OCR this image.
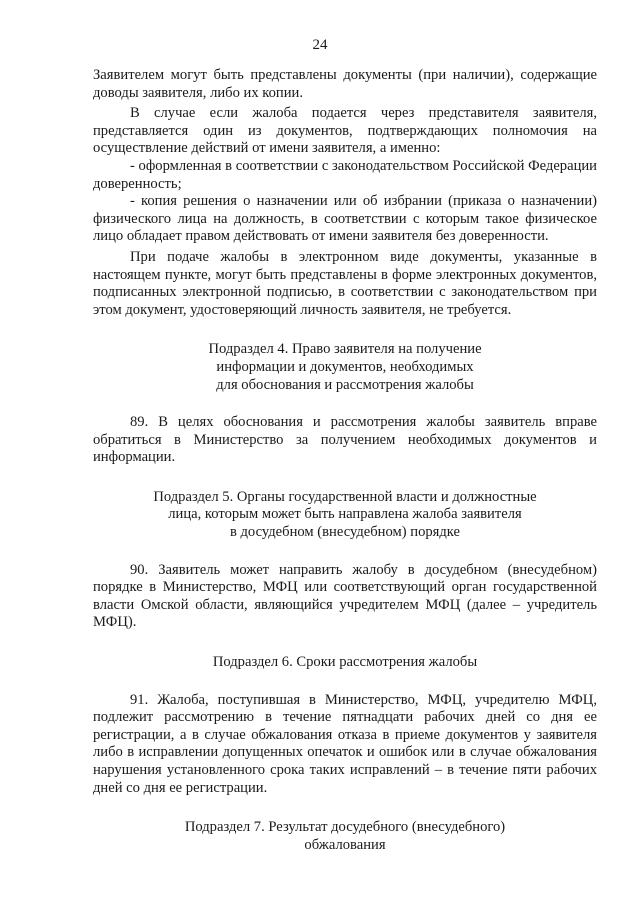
24

Заявителем могут быть представлены документы (при наличии), содержащие доводы заявителя, либо их копии.

В случае если жалоба подается через представителя заявителя, представляется один из документов, подтверждающих полномочия на осуществление действий от имени заявителя, а именно:

- оформленная в соответствии с законодательством Российской Федерации доверенность;

- копия решения о назначении или об избрании (приказа о назначении) физического лица на должность, в соответствии с которым такое физическое лицо обладает правом действовать от имени заявителя без доверенности.

При подаче жалобы в электронном виде документы, указанные в настоящем пункте, могут быть представлены в форме электронных документов, подписанных электронной подписью, в соответствии с законодательством при этом документ, удостоверяющий личность заявителя, не требуется.

Подраздел 4. Право заявителя на получение
информации и документов, необходимых
для обоснования и рассмотрения жалобы

89. В целях обоснования и рассмотрения жалобы заявитель вправе обратиться в Министерство за получением необходимых документов и информации.

Подраздел 5. Органы государственной власти и должностные
лица, которым может быть направлена жалоба заявителя
в досудебном (внесудебном) порядке

90. Заявитель может направить жалобу в досудебном (внесудебном) порядке в Министерство, МФЦ или соответствующий орган государственной власти Омской области, являющийся учредителем МФЦ (далее – учредитель МФЦ).

Подраздел 6. Сроки рассмотрения жалобы

91. Жалоба, поступившая в Министерство, МФЦ, учредителю МФЦ, подлежит рассмотрению в течение пятнадцати рабочих дней со дня ее регистрации, а в случае обжалования отказа в приеме документов у заявителя либо в исправлении допущенных опечаток и ошибок или в случае обжалования нарушения установленного срока таких исправлений – в течение пяти рабочих дней со дня ее регистрации.

Подраздел 7. Результат досудебного (внесудебного)
обжалования
